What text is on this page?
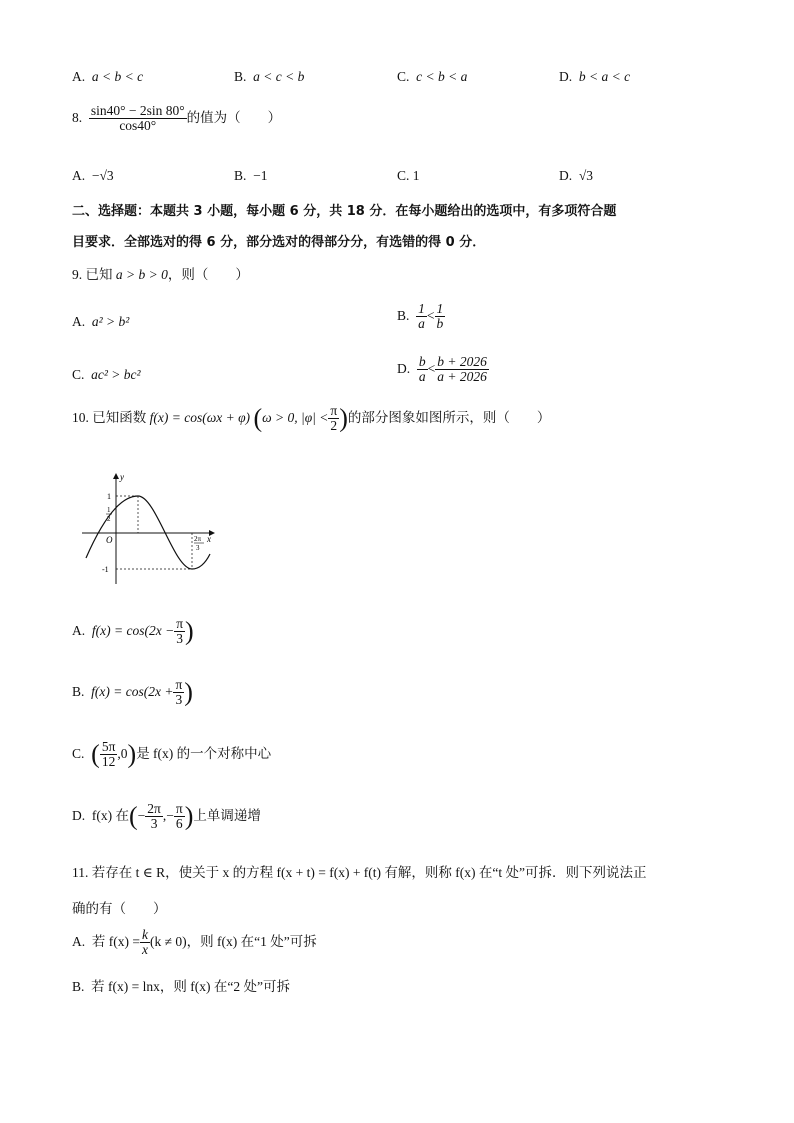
A. a < b < c	B. a < c < b	C. c < b < a	D. b < a < c
8. $\frac{\sin 40^\circ - 2\sin 80^\circ}{\cos 40^\circ}$ 的值为（　　）
A. −√3	B. −1	C. 1	D. √3
二、选择题：本题共 3 小题，每小题 6 分，共 18 分．在每小题给出的选项中，有多项符合题
目要求．全部选对的得 6 分，部分选对的得部分分，有选错的得 0 分．
9. 已知 a > b > 0，则（　　）
A. a² > b²	B. $\frac{1}{a} < \frac{1}{b}$
C. ac² > bc²	D. $\frac{b}{a} < \frac{b + 2026}{a + 2026}$
10. 已知函数 f(x) = cos(ωx + φ) (ω > 0, $|\varphi| < \frac{\pi}{2}$ )的部分图象如图所示，则（　　）
y
x
O
1
1
2
-1
2π
3
A. $f(x) = \cos(2x - \frac{\pi}{3}$ )
B. $f(x) = \cos(2x + \frac{\pi}{3}$ )
C. ( $\frac{5\pi}{12} ,0$)是 f(x) 的一个对称中心
D. f(x) 在(− $\frac{2\pi}{3}$ ,− $\frac{\pi}{6}$ )上单调递增
11. 若存在 t ∈ R，使关于 x 的方程 f(x + t) = f(x) + f(t) 有解，则称 f(x) 在“t 处”可拆．则下列说法正
确的有（　　）
A. 若 $f(x) = \frac{k}{x} (k \ne 0)$，则 f(x) 在“1 处”可拆
B. 若 f(x) = lnx，则 f(x) 在“2 处”可拆
